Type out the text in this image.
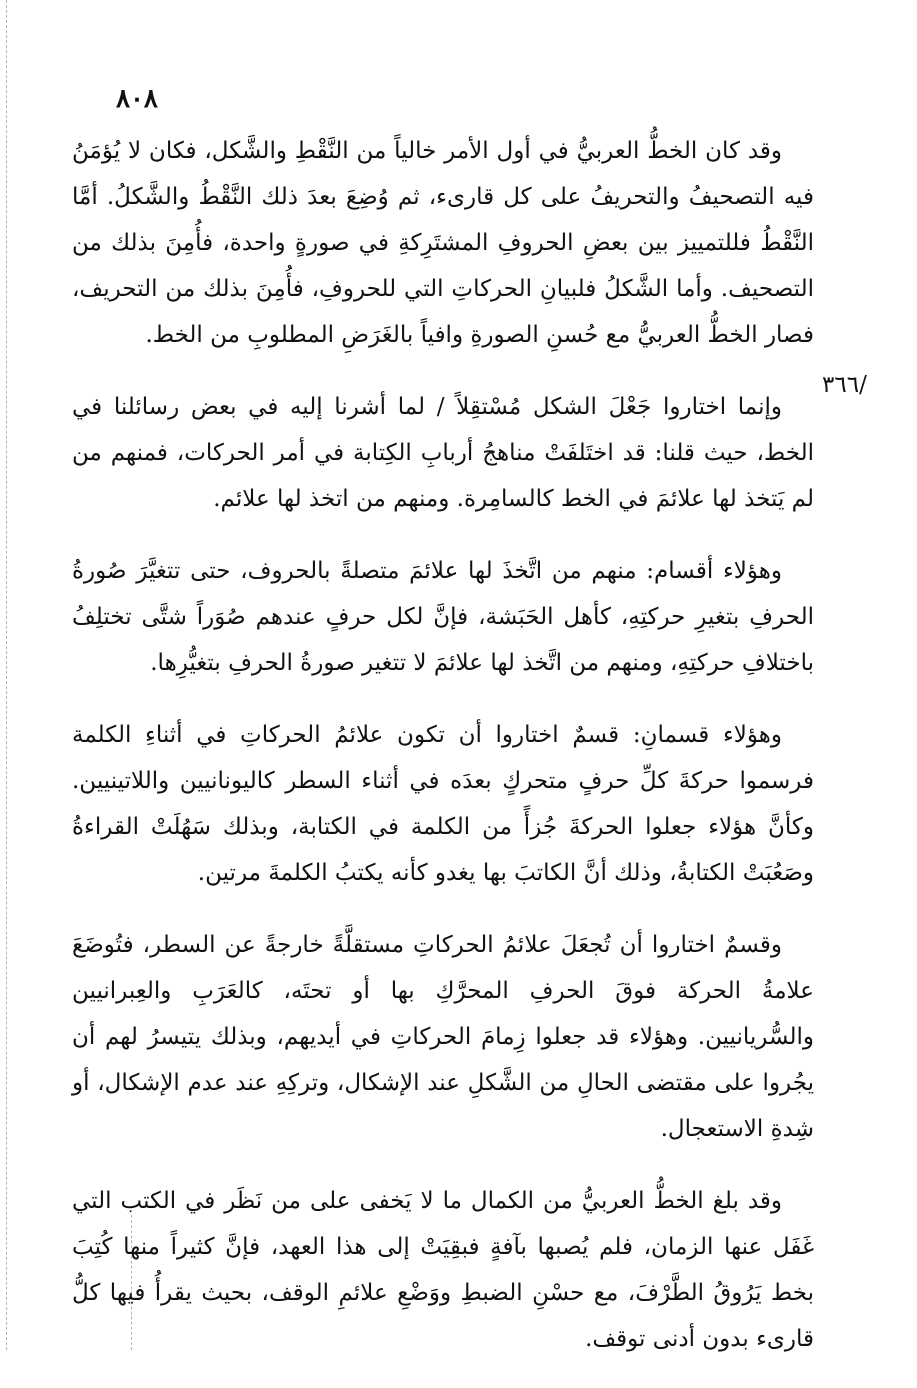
٨٠٨
/٣٦٦

وقد كان الخطُّ العربيُّ في أول الأمر خالياً من النَّقْطِ والشَّكل، فكان لا يُؤمَنُ فيه التصحيفُ والتحريفُ على كل قارىء، ثم وُضِعَ بعدَ ذلك النَّقْطُ والشَّكلُ. أمَّا النَّقْطُ فللتمييز بين بعضِ الحروفِ المشتَرِكةِ في صورةٍ واحدة، فأُمِنَ بذلك من التصحيف. وأما الشَّكلُ فلبيانِ الحركاتِ التي للحروفِ، فأُمِنَ بذلك من التحريف، فصار الخطُّ العربيُّ مع حُسنِ الصورةِ وافياً بالغَرَضِ المطلوبِ من الخط.

وإنما اختاروا جَعْلَ الشكل مُسْتقِلاً / لما أشرنا إليه في بعض رسائلنا في الخط، حيث قلنا: قد اختَلفَتْ مناهجُ أربابِ الكِتابة في أمر الحركات، فمنهم من لم يَتخذ لها علائمَ في الخط كالسامِرة. ومنهم من اتخذ لها علائم.

وهؤلاء أقسام: منهم من اتَّخذَ لها علائمَ متصلةً بالحروف، حتى تتغيَّرَ صُورةُ الحرفِ بتغيرِ حركتِهِ، كأهل الحَبَشة، فإنَّ لكل حرفٍ عندهم صُوَراً شتَّى تختلِفُ باختلافِ حركتِهِ، ومنهم من اتَّخذ لها علائمَ لا تتغير صورةُ الحرفِ بتغيُّرِها.

وهؤلاء قسمانِ: قسمٌ اختاروا أن تكون علائمُ الحركاتِ في أثناءِ الكلمة فرسموا حركةَ كلِّ حرفٍ متحركٍ بعدَه في أثناء السطر كاليونانيين واللاتينيين. وكأنَّ هؤلاء جعلوا الحركةَ جُزأً من الكلمة في الكتابة، وبذلك سَهُلَتْ القراءةُ وصَعُبَتْ الكتابةُ، وذلك أنَّ الكاتبَ بها يغدو كأنه يكتبُ الكلمةَ مرتين.

وقسمٌ اختاروا أن تُجعَلَ علائمُ الحركاتِ مستقلَّةً خارجةً عن السطر، فتُوضَعَ علامةُ الحركة فوقَ الحرفِ المحرَّكِ بها أو تحتَه، كالعَرَبِ والعِبرانيين والسُّريانيين. وهؤلاء قد جعلوا زِمامَ الحركاتِ في أيديهم، وبذلك يتيسرُ لهم أن يجُروا على مقتضى الحالِ من الشَّكلِ عند الإشكال، وتركِهِ عند عدم الإشكال، أو شِدةِ الاستعجال.

وقد بلغ الخطُّ العربيُّ من الكمال ما لا يَخفى على من نَظَر في الكتب التي غَفَل عنها الزمان، فلم يُصبها بآفةٍ فبقِيَتْ إلى هذا العهد، فإنَّ كثيراً منها كُتِبَ بخط يَرُوقُ الطَّرْفَ، مع حسْنِ الضبطِ ووَضْعِ علائمِ الوقف، بحيث يقرأُ فيها كلُّ قارىء بدون أدنى توقف.
